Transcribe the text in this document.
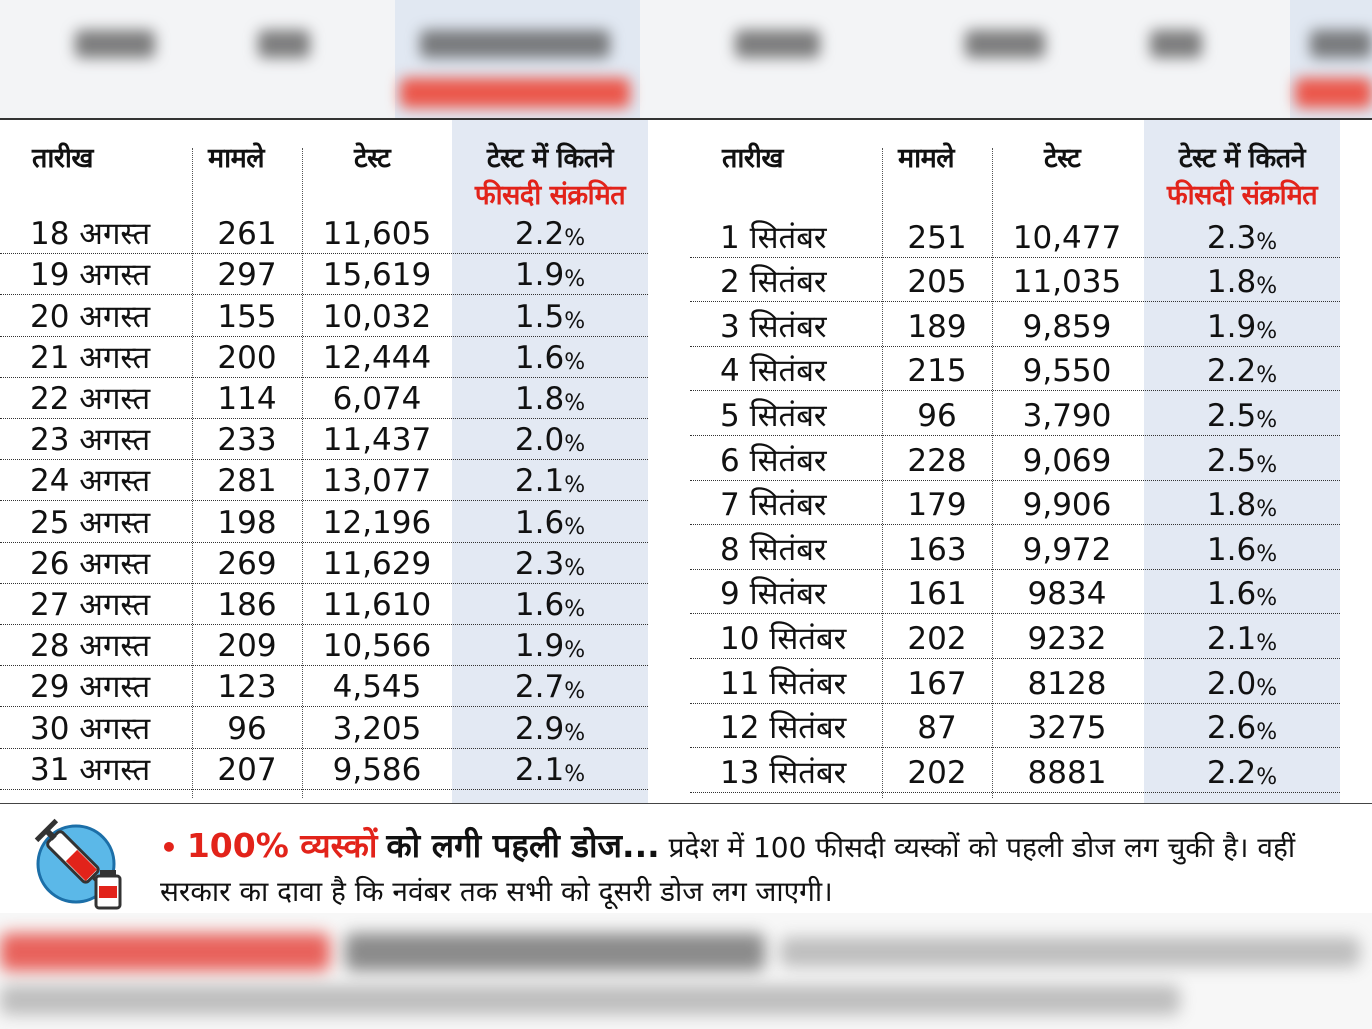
तारीख	मामले	टेस्ट	टेस्ट में कितने
फीसदी संक्रमित
18 अगस्त	261	11,605	2.2 %
19 अगस्त	297	15,619	1.9 %
20 अगस्त	155	10,032	1.5 %
21 अगस्त	200	12,444	1.6 %
22 अगस्त	114	6,074	1.8 %
23 अगस्त	233	11,437	2.0 %
24 अगस्त	281	13,077	2.1 %
25 अगस्त	198	12,196	1.6 %
26 अगस्त	269	11,629	2.3 %
27 अगस्त	186	11,610	1.6 %
28 अगस्त	209	10,566	1.9 %
29 अगस्त	123	4,545	2.7 %
30 अगस्त	96	3,205	2.9 %
31 अगस्त	207	9,586	2.1 %
तारीख	मामले	टेस्ट	टेस्ट में कितने
फीसदी संक्रमित
1 सितंबर	251	10,477	2.3 %
2 सितंबर	205	11,035	1.8 %
3 सितंबर	189	9,859	1.9 %
4 सितंबर	215	9,550	2.2 %
5 सितंबर	96	3,790	2.5 %
6 सितंबर	228	9,069	2.5 %
7 सितंबर	179	9,906	1.8 %
8 सितंबर	163	9,972	1.6 %
9 सितंबर	161	9834	1.6 %
10 सितंबर	202	9232	2.1 %
11 सितंबर	167	8128	2.0 %
12 सितंबर	87	3275	2.6 %
13 सितंबर	202	8881	2.2 %
• 100% व्यस्कों को लगी पहली डोज... प्रदेश में 100 फीसदी व्यस्कों को पहली डोज लग चुकी है। वहीं सरकार का दावा है कि नवंबर तक सभी को दूसरी डोज लग जाएगी।
